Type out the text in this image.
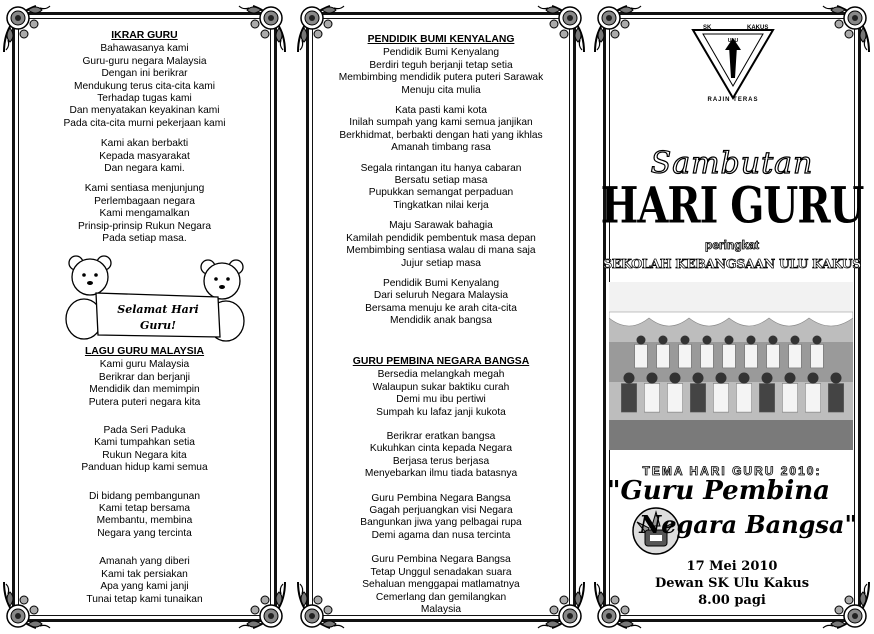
IKRAR GURU
Bahawasanya kami
Guru-guru negara Malaysia
Dengan ini berikrar
Mendukung terus cita-cita kami
Terhadap tugas kami
Dan menyatakan keyakinan kami
Pada cita-cita murni pekerjaan kami
Kami akan berbakti
Kepada masyarakat
Dan negara kami.
Kami sentiasa menjunjung
Perlembagaan negara
Kami mengamalkan
Prinsip-prinsip Rukun Negara
Pada setiap masa.
Selamat Hari
Guru!
LAGU GURU MALAYSIA
Kami guru Malaysia
Berikrar dan berjanji
Mendidik dan memimpin
Putera puteri negara kita
Pada Seri Paduka
Kami tumpahkan setia
Rukun Negara kita
Panduan hidup kami semua
Di bidang pembangunan
Kami tetap bersama
Membantu, membina
Negara yang tercinta
Amanah yang diberi
Kami tak persiakan
Apa yang kami janji
Tunai tetap kami tunaikan
PENDIDIK BUMI KENYALANG
Pendidik Bumi Kenyalang
Berdiri teguh berjanji tetap setia
Membimbing mendidik putera puteri Sarawak
Menuju cita mulia
Kata pasti kami kota
Inilah sumpah yang kami semua janjikan
Berkhidmat, berbakti dengan hati yang ikhlas
Amanah timbang rasa
Segala rintangan itu hanya cabaran
Bersatu setiap masa
Pupukkan semangat perpaduan
Tingkatkan nilai kerja
Maju Sarawak bahagia
Kamilah pendidik pembentuk masa depan
Membimbing sentiasa walau di mana saja
Jujur setiap masa
Pendidik Bumi Kenyalang
Dari seluruh Negara Malaysia
Bersama menuju ke arah cita-cita
Mendidik anak bangsa
GURU PEMBINA NEGARA BANGSA
Bersedia melangkah megah
Walaupun sukar baktiku curah
Demi mu ibu pertiwi
Sumpah ku lafaz janji kukota
Berikrar eratkan bangsa
Kukuhkan cinta kepada Negara
Berjasa terus berjasa
Menyebarkan ilmu tiada batasnya
Guru Pembina Negara Bangsa
Gagah perjuangkan visi Negara
Bangunkan jiwa yang pelbagai rupa
Demi agama dan nusa tercinta
Guru Pembina Negara Bangsa
Tetap Unggul senadakan suara
Sehaluan menggapai matlamatnya
Cemerlang dan gemilangkan
Malaysia
SK	KAKUS
ULU
RAJIN TERAS
Sambutan
HARI GURU
peringkat
SEKOLAH KEBANGSAAN ULU KAKUS
TEMA HARI GURU 2010:
"Guru Pembina
Negara Bangsa"
17 Mei 2010
Dewan SK Ulu Kakus
8.00 pagi
